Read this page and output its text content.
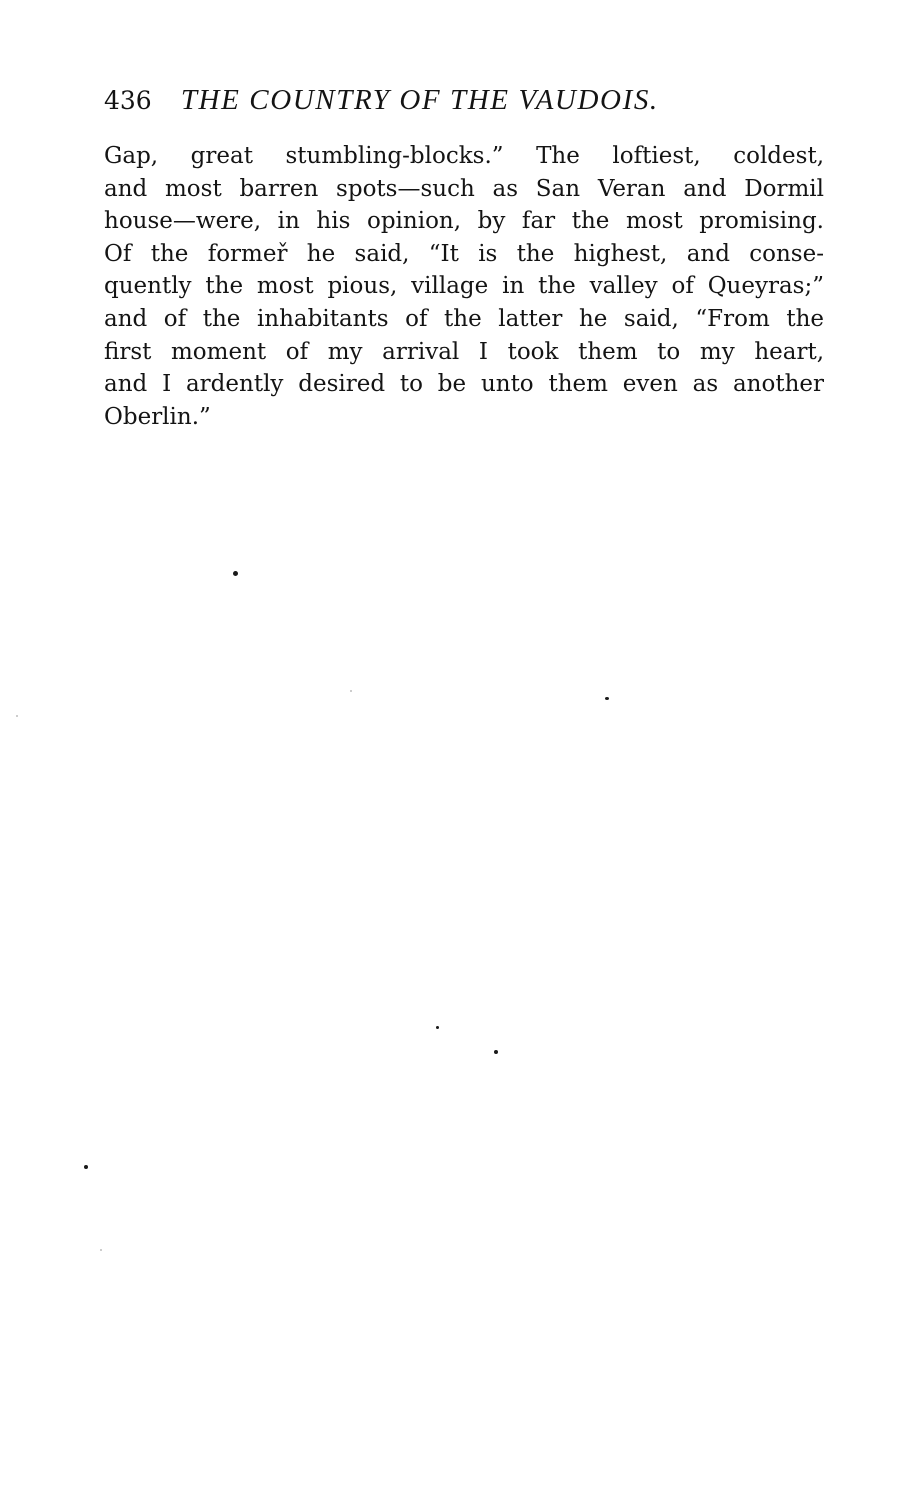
436 THE COUNTRY OF THE VAUDOIS.
Gap, great stumbling-blocks.” The loftiest, coldest,
and most barren spots—such as San Veran and Dormil
house—were, in his opinion, by far the most promising.
Of the formeř he said, “It is the highest, and conse-
quently the most pious, village in the valley of Queyras;”
and of the inhabitants of the latter he said, “From the
first moment of my arrival I took them to my heart,
and I ardently desired to be unto them even as another
Oberlin.”
